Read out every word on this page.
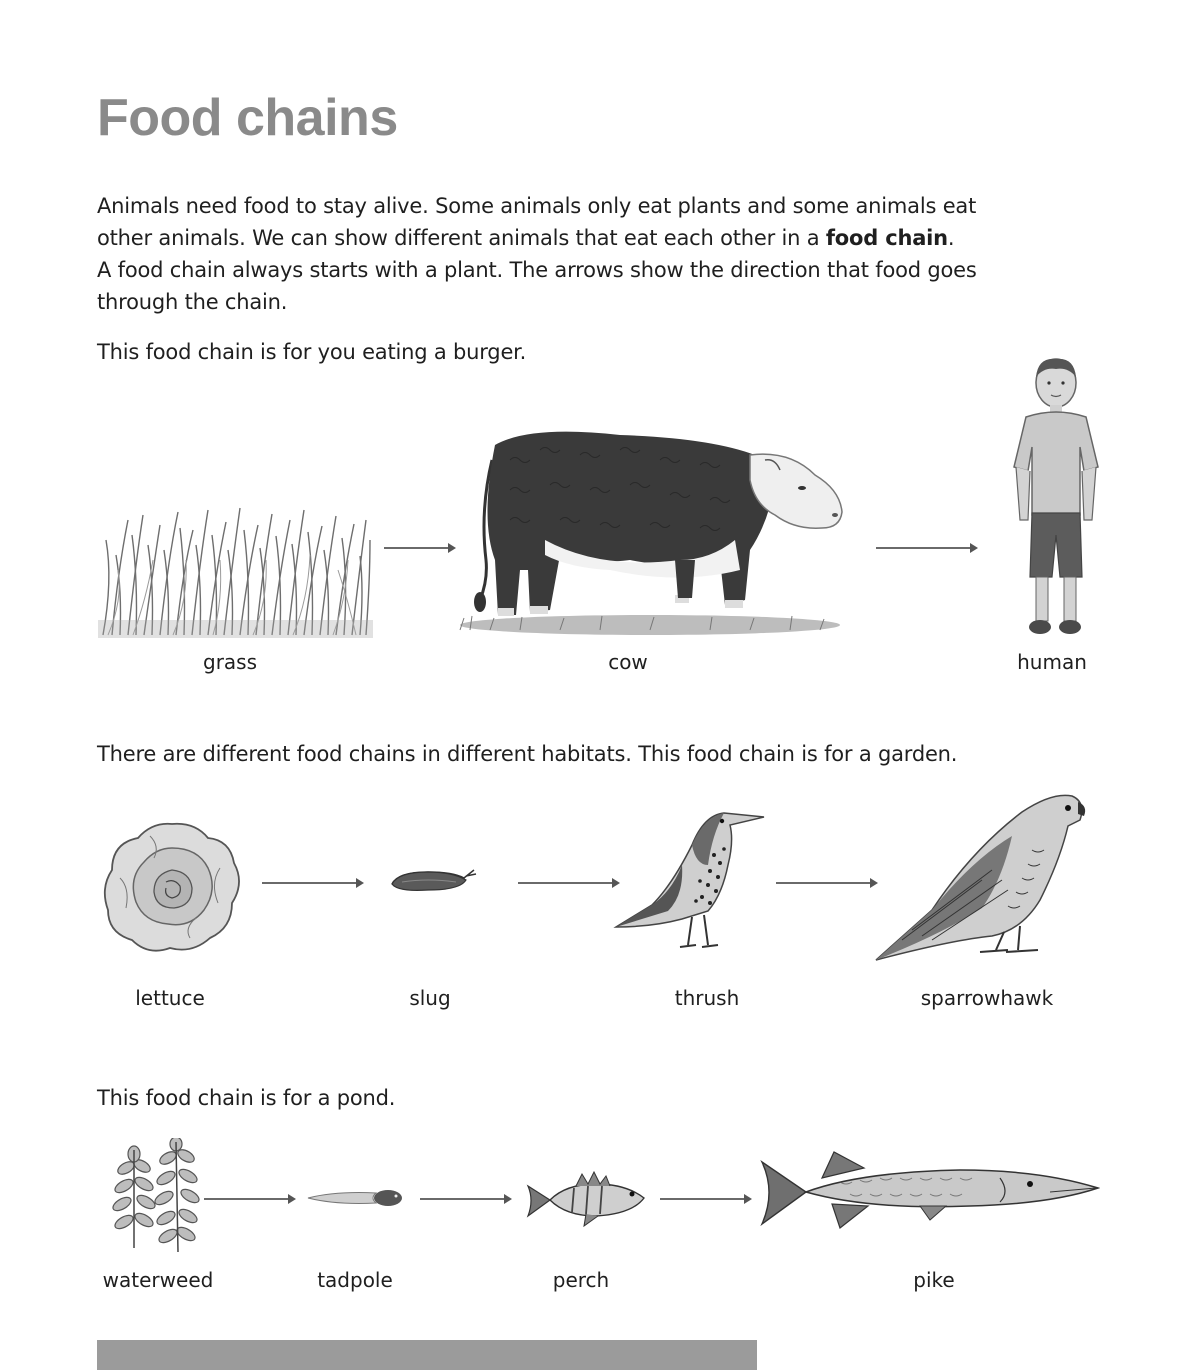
Food chains
Animals need food to stay alive. Some animals only eat plants and some animals eat
other animals. We can show different animals that eat each other in a food chain.
A food chain always starts with a plant. The arrows show the direction that food goes
through the chain.
This food chain is for you eating a burger.
grass	cow	human
There are different food chains in different habitats. This food chain is for a garden.
lettuce	slug	thrush	sparrowhawk
This food chain is for a pond.
waterweed	tadpole	perch	pike
